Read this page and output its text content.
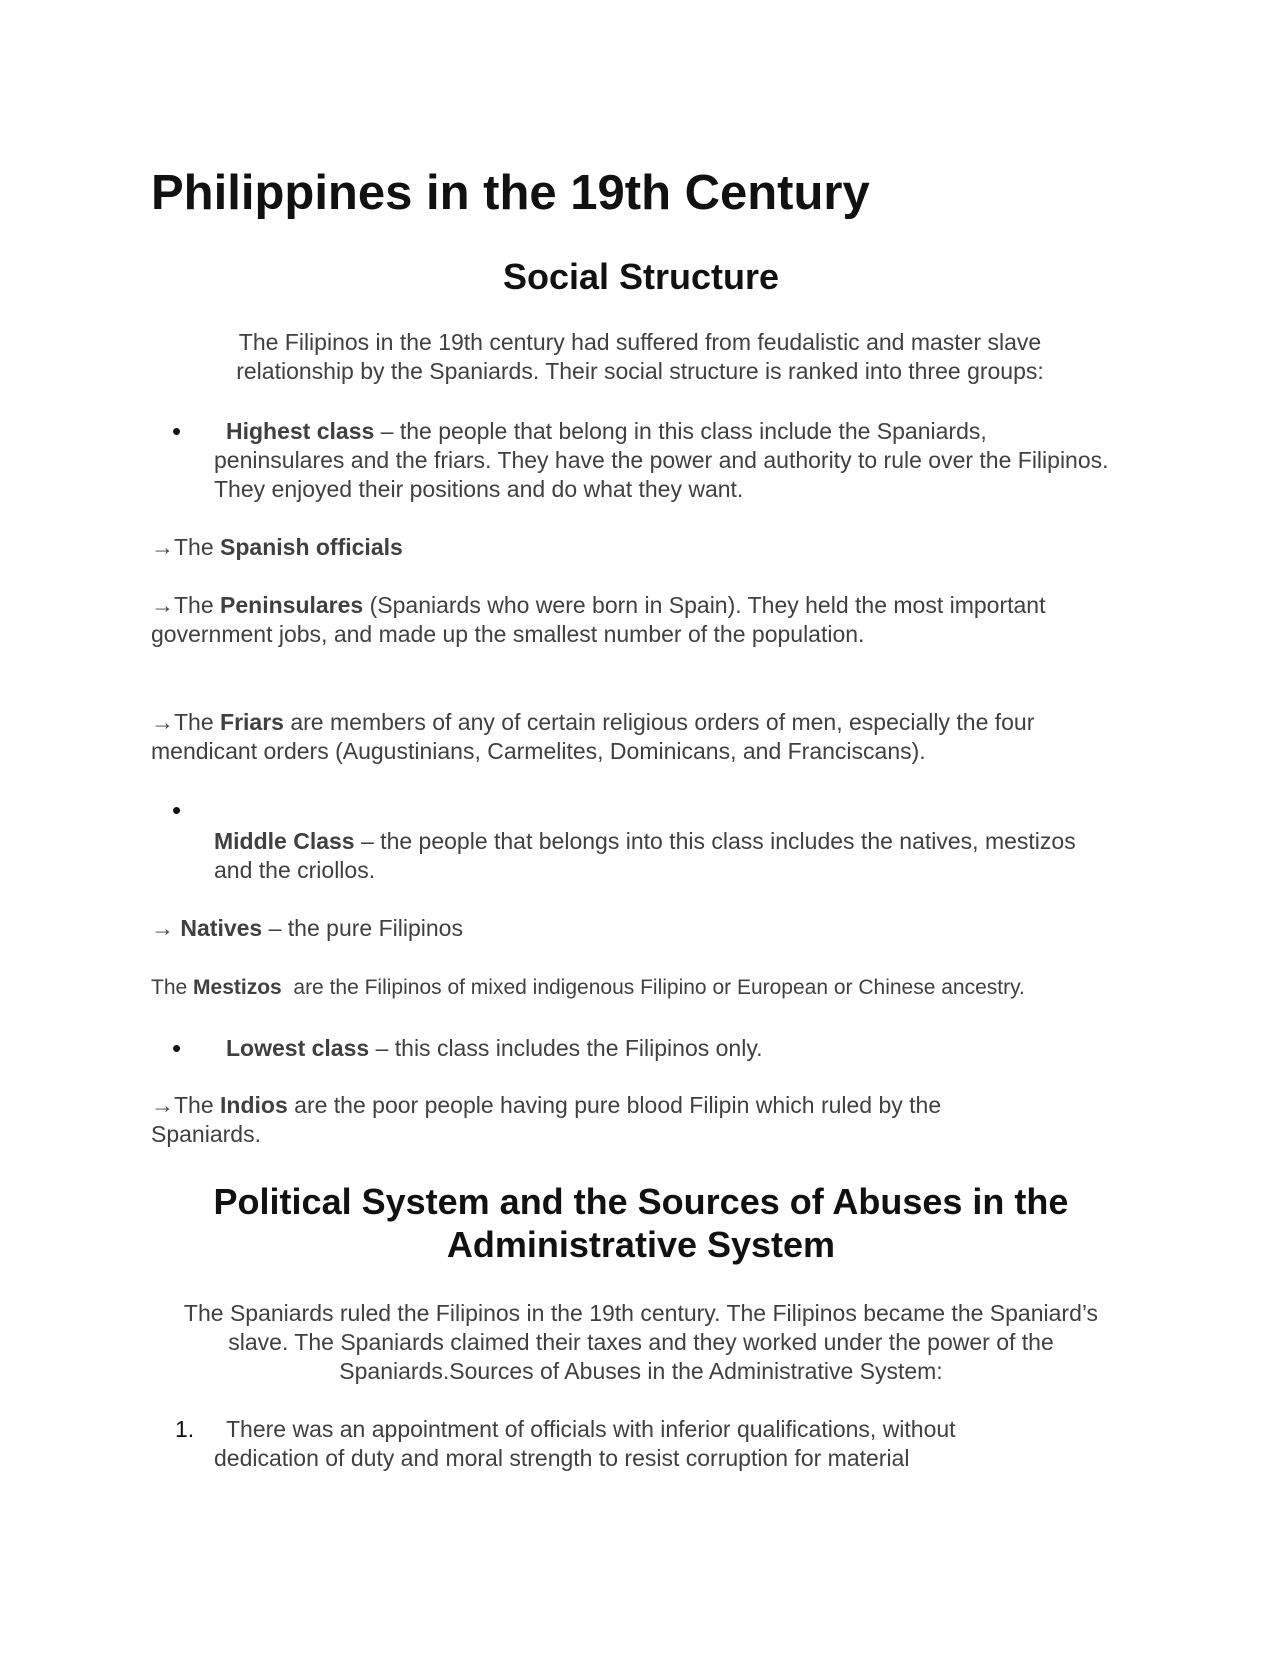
Philippines in the 19th Century
Social Structure
The Filipinos in the 19th century had suffered from feudalistic and master slave relationship by the Spaniards. Their social structure is ranked into three groups:
•	Highest class – the people that belong in this class include the Spaniards, peninsulares and the friars. They have the power and authority to rule over the Filipinos. They enjoyed their positions and do what they want.
→The Spanish officials
→The Peninsulares (Spaniards who were born in Spain). They held the most important government jobs, and made up the smallest number of the population.
→The Friars are members of any of certain religious orders of men, especially the four mendicant orders (Augustinians, Carmelites, Dominicans, and Franciscans).
•
Middle Class – the people that belongs into this class includes the natives, mestizos and the criollos.
→ Natives – the pure Filipinos
The Mestizos  are the Filipinos of mixed indigenous Filipino or European or Chinese ancestry.
•	Lowest class – this class includes the Filipinos only.
→The Indios are the poor people having pure blood Filipin which ruled by the Spaniards.
Political System and the Sources of Abuses in the
Administrative System
The Spaniards ruled the Filipinos in the 19th century. The Filipinos became the Spaniard’s slave. The Spaniards claimed their taxes and they worked under the power of the Spaniards.Sources of Abuses in the Administrative System:
1.	There was an appointment of officials with inferior qualifications, without dedication of duty and moral strength to resist corruption for material
